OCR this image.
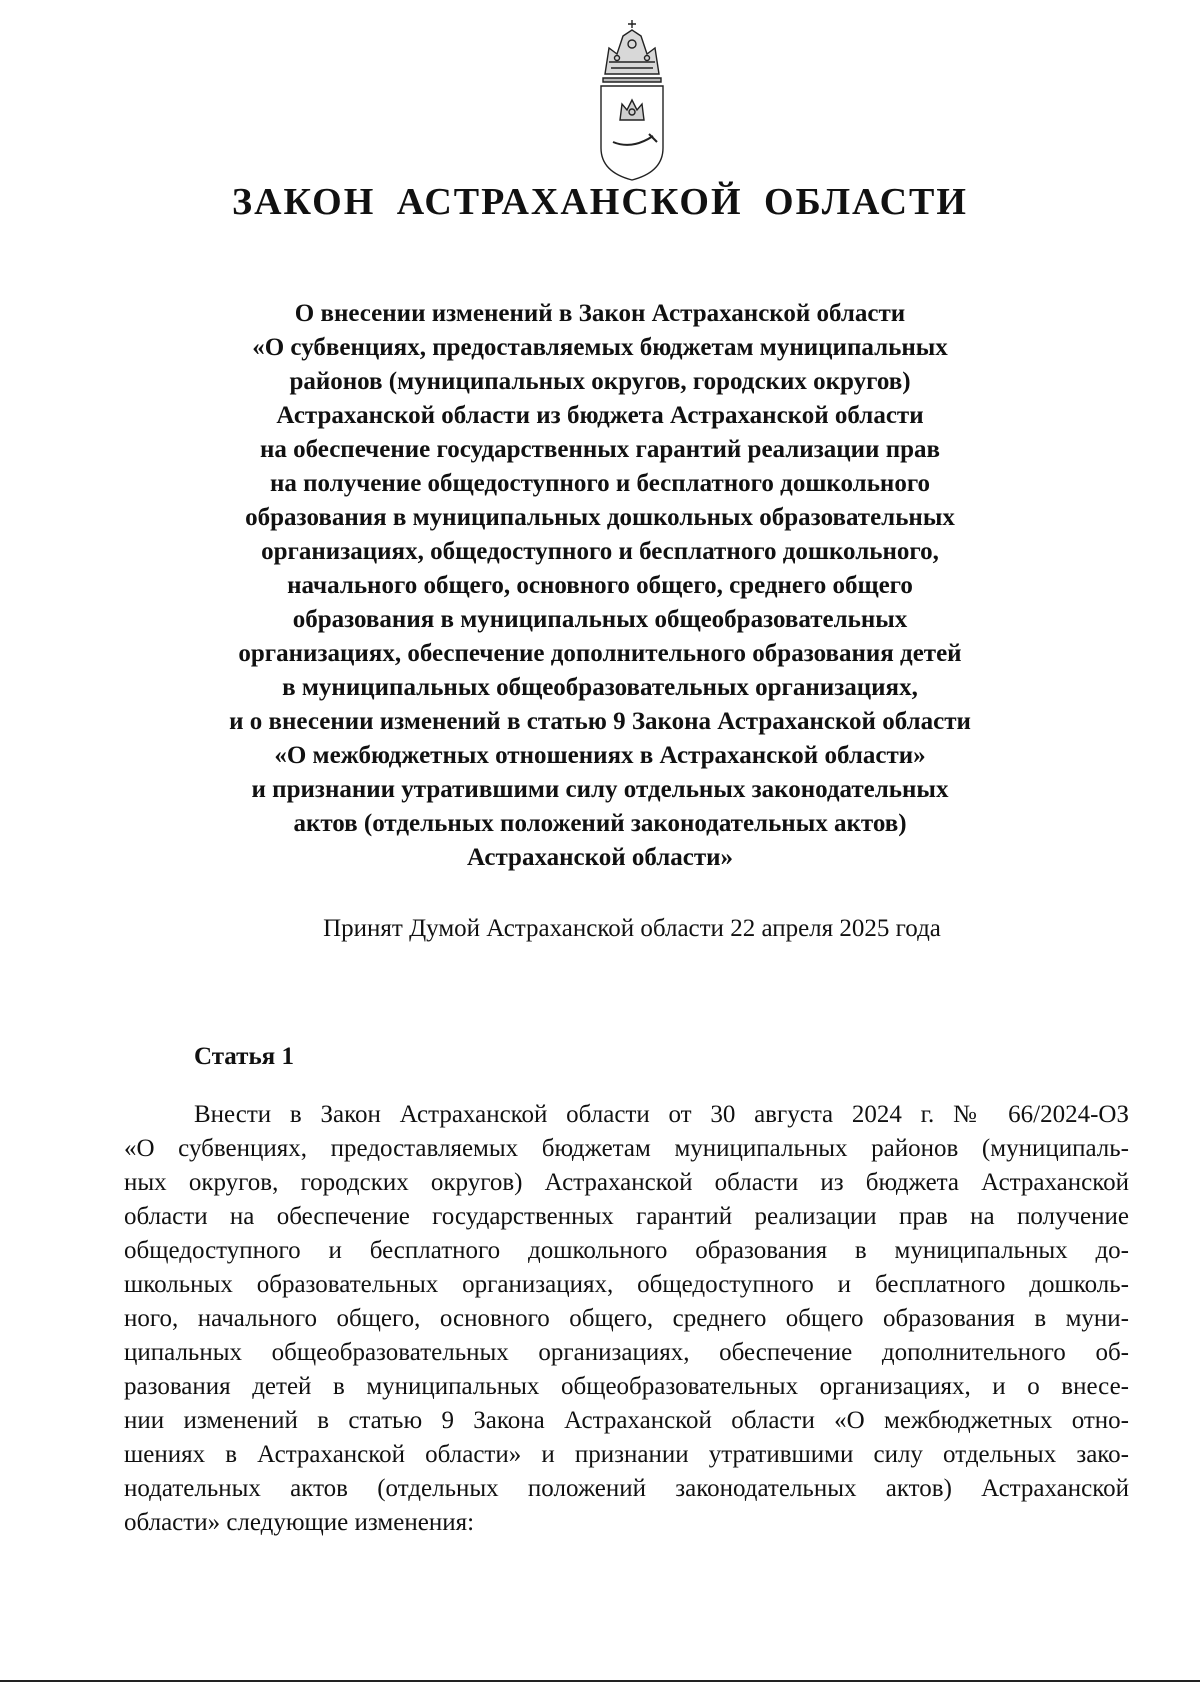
ЗАКОН АСТРАХАНСКОЙ ОБЛАСТИ
О внесении изменений в Закон Астраханской области
«О субвенциях, предоставляемых бюджетам муниципальных
районов (муниципальных округов, городских округов)
Астраханской области из бюджета Астраханской области
на обеспечение государственных гарантий реализации прав
на получение общедоступного и бесплатного дошкольного
образования в муниципальных дошкольных образовательных
организациях, общедоступного и бесплатного дошкольного,
начального общего, основного общего, среднего общего
образования в муниципальных общеобразовательных
организациях, обеспечение дополнительного образования детей
в муниципальных общеобразовательных организациях,
и о внесении изменений в статью 9 Закона Астраханской области
«О межбюджетных отношениях в Астраханской области»
и признании утратившими силу отдельных законодательных
актов (отдельных положений законодательных актов)
Астраханской области»

Принят Думой Астраханской области 22 апреля 2025 года

Статья 1
Внести в Закон Астраханской области от 30 августа 2024 г. № 66/2024-ОЗ
«О субвенциях, предоставляемых бюджетам муниципальных районов (муниципаль-
ных округов, городских округов) Астраханской области из бюджета Астраханской
области на обеспечение государственных гарантий реализации прав на получение
общедоступного и бесплатного дошкольного образования в муниципальных до-
школьных образовательных организациях, общедоступного и бесплатного дошколь-
ного, начального общего, основного общего, среднего общего образования в муни-
ципальных общеобразовательных организациях, обеспечение дополнительного об-
разования детей в муниципальных общеобразовательных организациях, и о внесе-
нии изменений в статью 9 Закона Астраханской области «О межбюджетных отно-
шениях в Астраханской области» и признании утратившими силу отдельных зако-
нодательных актов (отдельных положений законодательных актов) Астраханской
области» следующие изменения:
